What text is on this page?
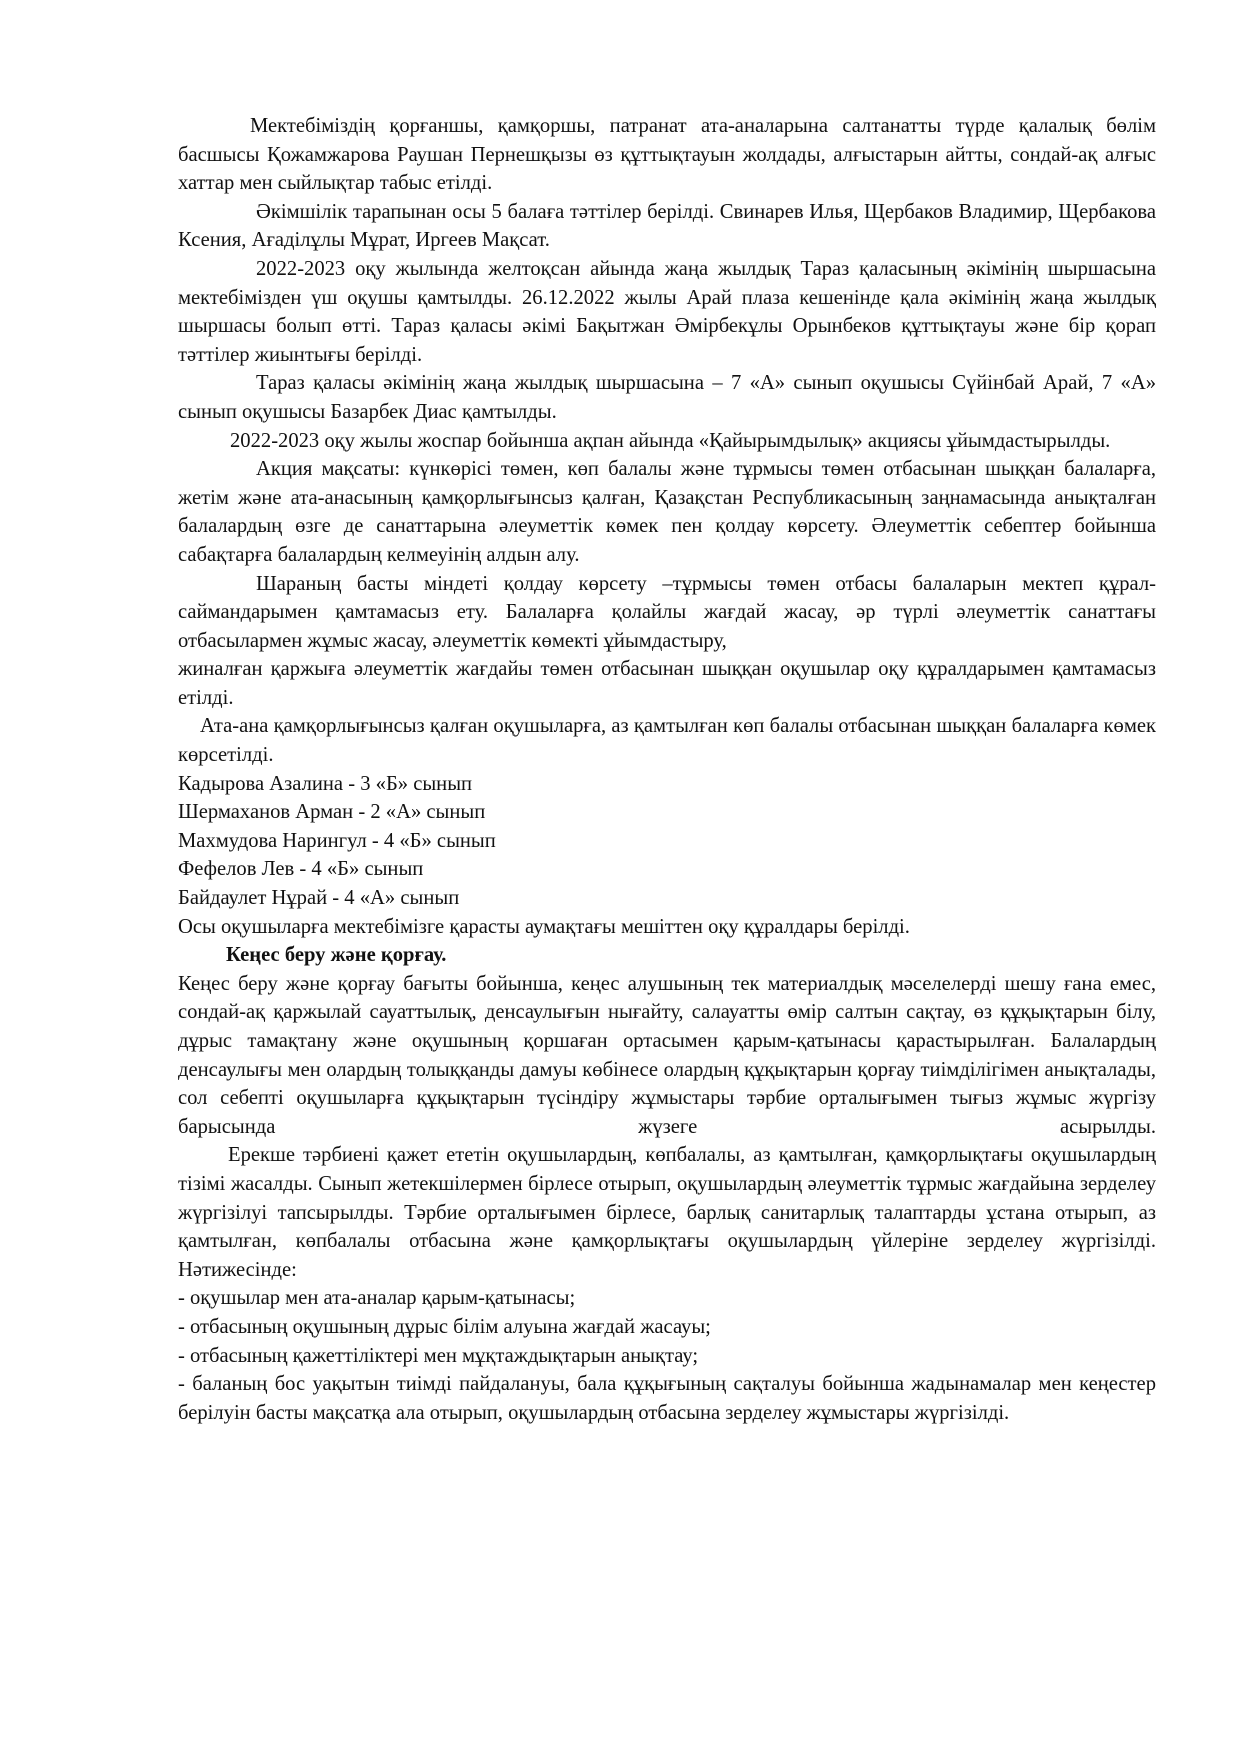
Мектебіміздің қорғаншы, қамқоршы, патранат ата-аналарына салтанатты түрде қалалық бөлім басшысы Қожамжарова Раушан Пернешқызы өз құттықтауын жолдады, алғыстарын айтты, сондай-ақ алғыс хаттар мен сыйлықтар табыс етілді.

Әкімшілік тарапынан осы 5 балаға тәттілер берілді. Свинарев Илья, Щербаков Владимир, Щербакова Ксения, Ағаділұлы Мұрат, Иргеев Мақсат.

2022-2023 оқу жылында желтоқсан айында жаңа жылдық Тараз қаласының әкімінің шыршасына мектебімізден үш оқушы қамтылды. 26.12.2022 жылы Арай плаза кешенінде қала әкімінің жаңа жылдық шыршасы болып өтті. Тараз қаласы әкімі Бақытжан Әмірбекұлы Орынбеков құттықтауы және бір қорап тәттілер жиынтығы берілді.

Тараз қаласы әкімінің жаңа жылдық шыршасына – 7 «А» сынып оқушысы Сүйінбай Арай, 7 «А» сынып оқушысы Базарбек Диас қамтылды.

2022-2023 оқу жылы жоспар бойынша ақпан айында «Қайырымдылық» акциясы ұйымдастырылды.

Акция мақсаты: күнкөрісі төмен, көп балалы және тұрмысы төмен отбасынан шыққан балаларға, жетім және ата-анасының қамқорлығынсыз қалған, Қазақстан Республикасының заңнамасында анықталған балалардың өзге де санаттарына әлеуметтік көмек пен қолдау көрсету. Әлеуметтік себептер бойынша сабақтарға балалардың келмеуінің алдын алу.

Шараның басты міндеті қолдау көрсету –тұрмысы төмен отбасы балаларын мектеп құрал-саймандарымен қамтамасыз ету. Балаларға қолайлы жағдай жасау, әр түрлі әлеуметтік санаттағы отбасылармен жұмыс жасау, әлеуметтік көмекті ұйымдастыру,

жиналған қаржыға әлеуметтік жағдайы төмен отбасынан шыққан оқушылар оқу құралдарымен қамтамасыз етілді.

Ата-ана қамқорлығынсыз қалған оқушыларға, аз қамтылған көп балалы отбасынан шыққан балаларға көмек көрсетілді.

Кадырова Азалина - 3 «Б» сынып
Шермаханов Арман - 2 «А» сынып
Махмудова Нарингул - 4 «Б» сынып
Фефелов Лев - 4 «Б» сынып
Байдаулет Нұрай - 4 «А» сынып

Осы оқушыларға мектебімізге қарасты аумақтағы мешіттен оқу құралдары берілді.

Кеңес беру және қорғау.

Кеңес беру және қорғау бағыты бойынша, кеңес алушының тек материалдық мәселелерді шешу ғана емес, сондай-ақ қаржылай сауаттылық, денсаулығын нығайту, салауатты өмір салтын сақтау, өз құқықтарын білу, дұрыс тамақтану және оқушының қоршаған ортасымен қарым-қатынасы қарастырылған. Балалардың денсаулығы мен олардың толыққанды дамуы көбінесе олардың құқықтарын қорғау тиімділігімен анықталады, сол себепті оқушыларға құқықтарын түсіндіру жұмыстары тәрбие орталығымен тығыз жұмыс жүргізу барысында жүзеге асырылды.

Ерекше тәрбиені қажет ететін оқушылардың, көпбалалы, аз қамтылған, қамқорлықтағы оқушылардың тізімі жасалды. Сынып жетекшілермен бірлесе отырып, оқушылардың әлеуметтік тұрмыс жағдайына зерделеу жүргізілуі тапсырылды. Тәрбие орталығымен бірлесе, барлық санитарлық талаптарды ұстана отырып, аз қамтылған, көпбалалы отбасына және қамқорлықтағы оқушылардың үйлеріне зерделеу жүргізілді. Нәтижесінде:

- оқушылар мен ата-аналар қарым-қатынасы;
- отбасының оқушының дұрыс білім алуына жағдай жасауы;
- отбасының қажеттіліктері мен мұқтаждықтарын анықтау;
- баланың бос уақытын тиімді пайдалануы, бала құқығының сақталуы бойынша жадынамалар мен кеңестер берілуін басты мақсатқа ала отырып, оқушылардың отбасына зерделеу жұмыстары жүргізілді.
